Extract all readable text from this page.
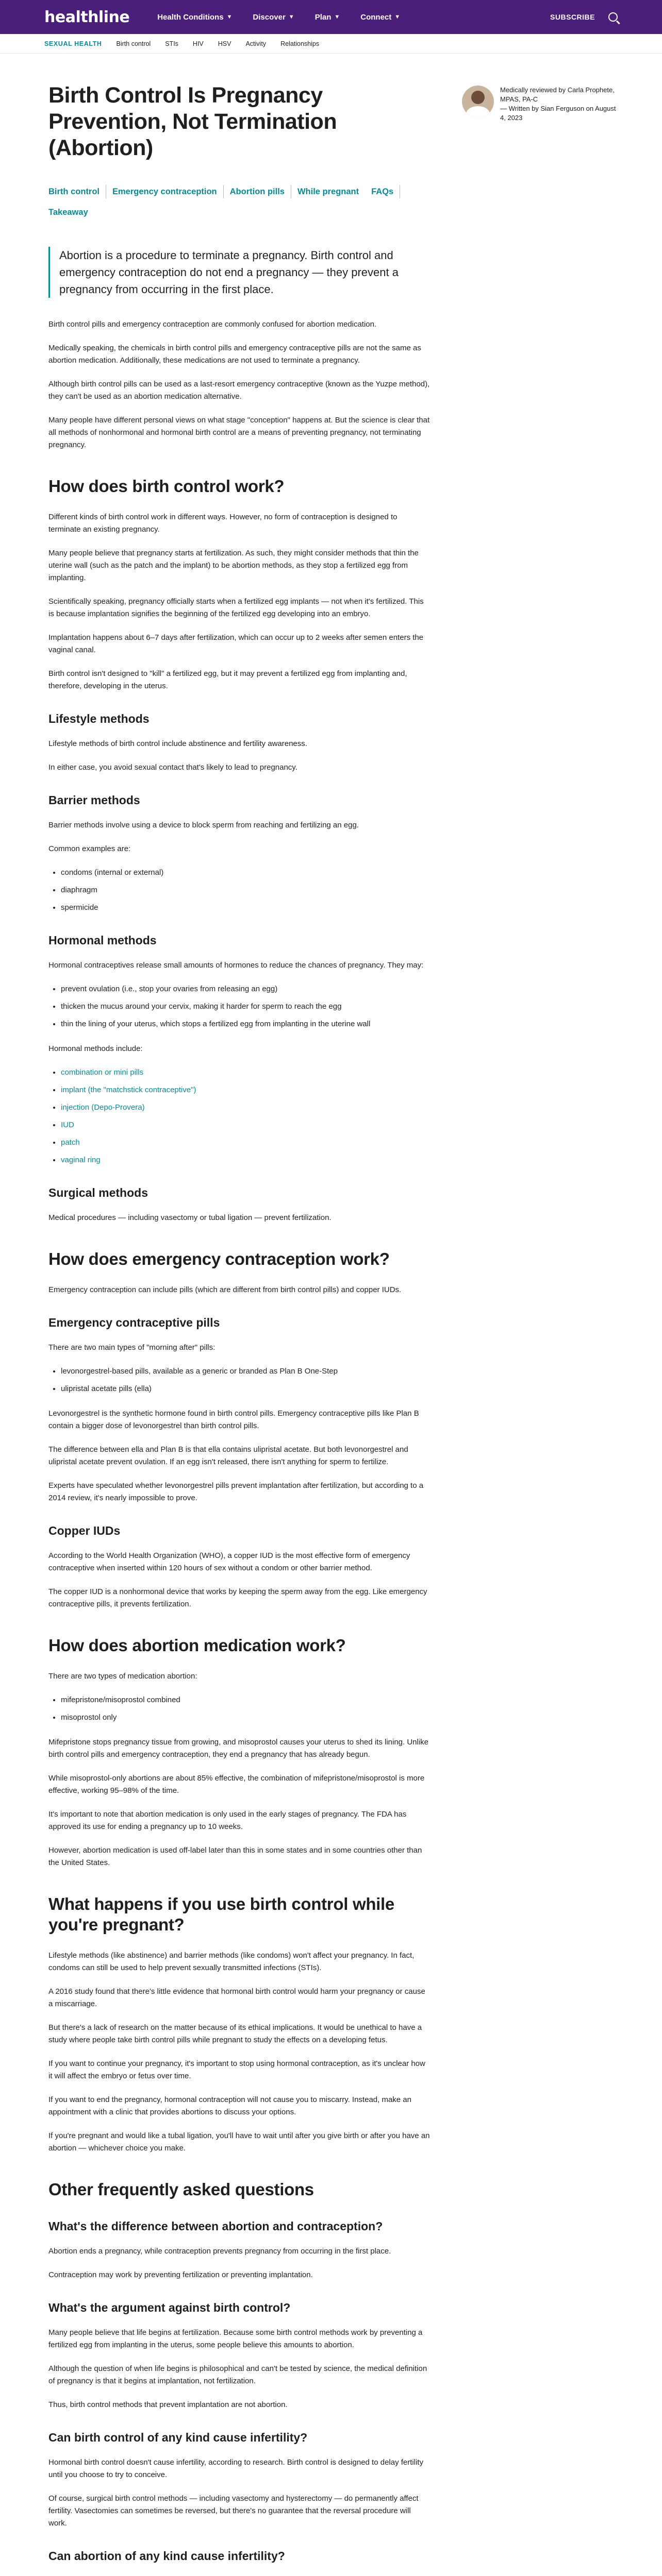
healthline	Health Conditions ▼	Discover ▼	Plan ▼	Connect ▼	SUBSCRIBE
SEXUAL HEALTH Birth control STIs HIV HSV Activity Relationships
Medically reviewed by Carla Prophete, MPAS, PA-C
— Written by Sian Ferguson on August 4, 2023
Birth Control Is Pregnancy Prevention, Not Termination (Abortion)
Birth control	Emergency contraception	Abortion pills	While pregnant	FAQs
Takeaway
Abortion is a procedure to terminate a pregnancy. Birth control and emergency contraception do not end a pregnancy — they prevent a pregnancy from occurring in the first place.

Birth control pills and emergency contraception are commonly confused for abortion medication.

Medically speaking, the chemicals in birth control pills and emergency contraceptive pills are not the same as abortion medication. Additionally, these medications are not used to terminate a pregnancy.

Although birth control pills can be used as a last-resort emergency contraceptive (known as the Yuzpe method), they can't be used as an abortion medication alternative.

Many people have different personal views on what stage "conception" happens at. But the science is clear that all methods of nonhormonal and hormonal birth control are a means of preventing pregnancy, not terminating pregnancy.

How does birth control work?

Different kinds of birth control work in different ways. However, no form of contraception is designed to terminate an existing pregnancy.

Many people believe that pregnancy starts at fertilization. As such, they might consider methods that thin the uterine wall (such as the patch and the implant) to be abortion methods, as they stop a fertilized egg from implanting.

Scientifically speaking, pregnancy officially starts when a fertilized egg implants — not when it's fertilized. This is because implantation signifies the beginning of the fertilized egg developing into an embryo.

Implantation happens about 6–7 days after fertilization, which can occur up to 2 weeks after semen enters the vaginal canal.

Birth control isn't designed to "kill" a fertilized egg, but it may prevent a fertilized egg from implanting and, therefore, developing in the uterus.

Lifestyle methods

Lifestyle methods of birth control include abstinence and fertility awareness.

In either case, you avoid sexual contact that's likely to lead to pregnancy.

Barrier methods

Barrier methods involve using a device to block sperm from reaching and fertilizing an egg.

Common examples are:

• condoms (internal or external)
• diaphragm
• spermicide
Hormonal methods

Hormonal contraceptives release small amounts of hormones to reduce the chances of pregnancy. They may:

• prevent ovulation (i.e., stop your ovaries from releasing an egg)
• thicken the mucus around your cervix, making it harder for sperm to reach the egg
• thin the lining of your uterus, which stops a fertilized egg from implanting in the uterine wall

Hormonal methods include:

• combination or mini pills
• implant (the "matchstick contraceptive")
• injection (Depo-Provera)
• IUD
• patch
• vaginal ring
Surgical methods

Medical procedures — including vasectomy or tubal ligation — prevent fertilization.

How does emergency contraception work?

Emergency contraception can include pills (which are different from birth control pills) and copper IUDs.

Emergency contraceptive pills

There are two main types of "morning after" pills:

• levonorgestrel-based pills, available as a generic or branded as Plan B One-Step
• ulipristal acetate pills (ella)

Levonorgestrel is the synthetic hormone found in birth control pills. Emergency contraceptive pills like Plan B contain a bigger dose of levonorgestrel than birth control pills.

The difference between ella and Plan B is that ella contains ulipristal acetate. But both levonorgestrel and ulipristal acetate prevent ovulation. If an egg isn't released, there isn't anything for sperm to fertilize.

Experts have speculated whether levonorgestrel pills prevent implantation after fertilization, but according to a 2014 review, it's nearly impossible to prove.

Copper IUDs

According to the World Health Organization (WHO), a copper IUD is the most effective form of emergency contraceptive when inserted within 120 hours of sex without a condom or other barrier method.

The copper IUD is a nonhormonal device that works by keeping the sperm away from the egg. Like emergency contraceptive pills, it prevents fertilization.

How does abortion medication work?

There are two types of medication abortion:

• mifepristone/misoprostol combined
• misoprostol only

Mifepristone stops pregnancy tissue from growing, and misoprostol causes your uterus to shed its lining. Unlike birth control pills and emergency contraception, they end a pregnancy that has already begun.

While misoprostol-only abortions are about 85% effective, the combination of mifepristone/misoprostol is more effective, working 95–98% of the time.

It's important to note that abortion medication is only used in the early stages of pregnancy. The FDA has approved its use for ending a pregnancy up to 10 weeks.

However, abortion medication is used off-label later than this in some states and in some countries other than the United States.

What happens if you use birth control while you're pregnant?

Lifestyle methods (like abstinence) and barrier methods (like condoms) won't affect your pregnancy. In fact, condoms can still be used to help prevent sexually transmitted infections (STIs).

A 2016 study found that there's little evidence that hormonal birth control would harm your pregnancy or cause a miscarriage.

But there's a lack of research on the matter because of its ethical implications. It would be unethical to have a study where people take birth control pills while pregnant to study the effects on a developing fetus.

If you want to continue your pregnancy, it's important to stop using hormonal contraception, as it's unclear how it will affect the embryo or fetus over time.

If you want to end the pregnancy, hormonal contraception will not cause you to miscarry. Instead, make an appointment with a clinic that provides abortions to discuss your options.

If you're pregnant and would like a tubal ligation, you'll have to wait until after you give birth or after you have an abortion — whichever choice you make.

Other frequently asked questions
What's the difference between abortion and contraception?

Abortion ends a pregnancy, while contraception prevents pregnancy from occurring in the first place.

Contraception may work by preventing fertilization or preventing implantation.

What's the argument against birth control?

Many people believe that life begins at fertilization. Because some birth control methods work by preventing a fertilized egg from implanting in the uterus, some people believe this amounts to abortion.

Although the question of when life begins is philosophical and can't be tested by science, the medical definition of pregnancy is that it begins at implantation, not fertilization.

Thus, birth control methods that prevent implantation are not abortion.

Can birth control of any kind cause infertility?

Hormonal birth control doesn't cause infertility, according to research. Birth control is designed to delay fertility until you choose to try to conceive.

Of course, surgical birth control methods — including vasectomy and hysterectomy — do permanently affect fertility. Vasectomies can sometimes be reversed, but there's no guarantee that the reversal procedure will work.

Can abortion of any kind cause infertility?
